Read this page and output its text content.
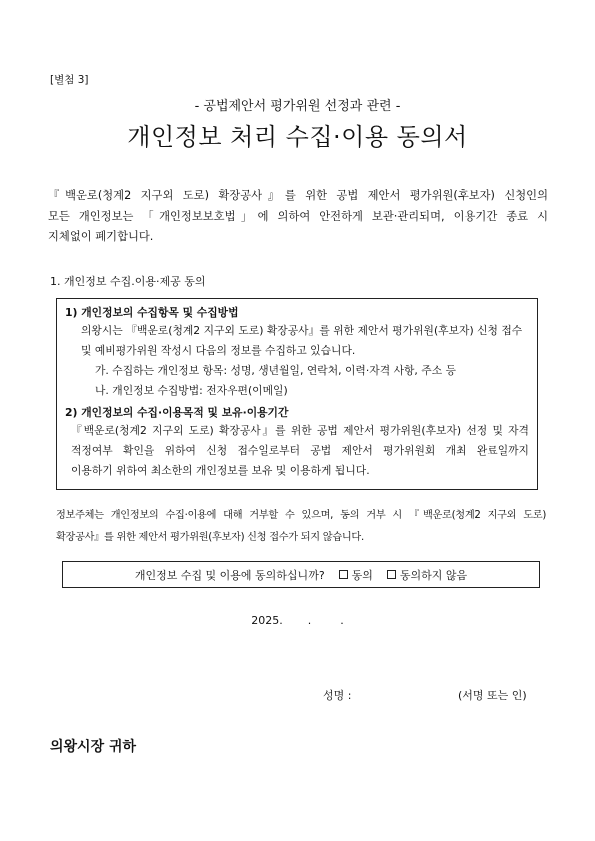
[별첨 3]
- 공법제안서 평가위원 선정과 관련 -
개인정보 처리 수집·이용 동의서
『백운로(청계2 지구외 도로) 확장공사』를 위한 공법 제안서 평가위원(후보자) 신청인의
모든 개인정보는 「개인정보보호법」에 의하여 안전하게 보관·관리되며, 이용기간 종료 시
지체없이 폐기합니다.
1. 개인정보 수집.이용·제공 동의
1) 개인정보의 수집항목 및 수집방법
의왕시는 『백운로(청계2 지구외 도로) 확장공사』를 위한 제안서 평가위원(후보자) 신청 접수
및 예비평가위원 작성시 다음의 정보를 수집하고 있습니다.
가. 수집하는 개인정보 항목: 성명, 생년월일, 연락처, 이력·자격 사항, 주소 등
나. 개인정보 수집방법: 전자우편(이메일)
2) 개인정보의 수집·이용목적 및 보유·이용기간
『백운로(청계2 지구외 도로) 확장공사』를 위한 공법 제안서 평가위원(후보자) 선정 및 자격
적정여부 확인을 위하여 신청 접수일로부터 공법 제안서 평가위원회 개최 완료일까지
이용하기 위하여 최소한의 개인정보를 보유 및 이용하게 됩니다.
정보주체는 개인정보의 수집·이용에 대해 거부할 수 있으며, 동의 거부 시 『백운로(청계2 지구외 도로)
확장공사』를 위한 제안서 평가위원(후보자) 신청 접수가 되지 않습니다.
개인정보 수집 및 이용에 동의하십니까? 동의 동의하지 않음
2025. .	.
성명 :	(서명 또는 인)
의왕시장 귀하
